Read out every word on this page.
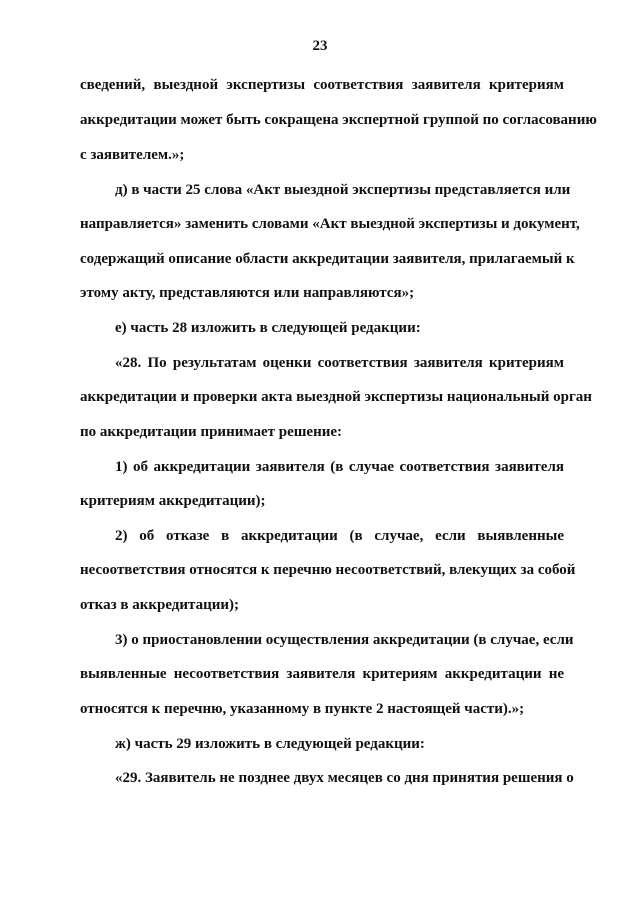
23
сведений, выездной экспертизы соответствия заявителя критериям
аккредитации может быть сокращена экспертной группой по согласованию
с заявителем.»;
д) в части 25 слова «Акт выездной экспертизы представляется или
направляется» заменить словами «Акт выездной экспертизы и документ,
содержащий описание области аккредитации заявителя, прилагаемый к
этому акту, представляются или направляются»;
е) часть 28 изложить в следующей редакции:
«28. По результатам оценки соответствия заявителя критериям
аккредитации и проверки акта выездной экспертизы национальный орган
по аккредитации принимает решение:
1) об аккредитации заявителя (в случае соответствия заявителя
критериям аккредитации);
2) об отказе в аккредитации (в случае, если выявленные
несоответствия относятся к перечню несоответствий, влекущих за собой
отказ в аккредитации);
3) о приостановлении осуществления аккредитации (в случае, если
выявленные несоответствия заявителя критериям аккредитации не
относятся к перечню, указанному в пункте 2 настоящей части).»;
ж) часть 29 изложить в следующей редакции:
«29. Заявитель не позднее двух месяцев со дня принятия решения о
